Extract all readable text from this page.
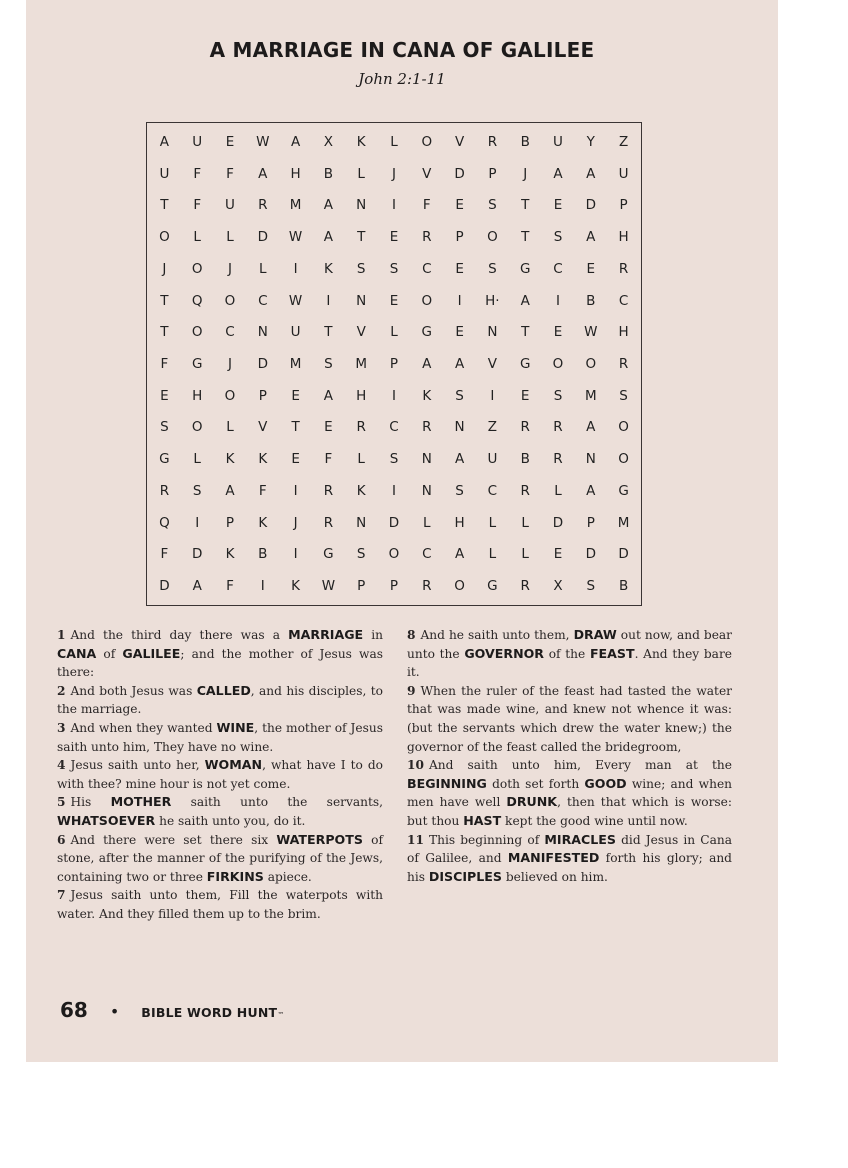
A MARRIAGE IN CANA OF GALILEE
John 2:1-11
A	U	E	W	A	X	K	L	O	V	R	B	U	Y	Z
U	F	F	A	H	B	L	J	V	D	P	J	A	A	U
T	F	U	R	M	A	N	I	F	E	S	T	E	D	P
O	L	L	D	W	A	T	E	R	P	O	T	S	A	H
J	O	J	L	I	K	S	S	C	E	S	G	C	E	R
T	Q	O	C	W	I	N	E	O	I	H·	A	I	B	C
T	O	C	N	U	T	V	L	G	E	N	T	E	W	H
F	G	J	D	M	S	M	P	A	A	V	G	O	O	R
E	H	O	P	E	A	H	I	K	S	I	E	S	M	S
S	O	L	V	T	E	R	C	R	N	Z	R	R	A	O
G	L	K	K	E	F	L	S	N	A	U	B	R	N	O
R	S	A	F	I	R	K	I	N	S	C	R	L	A	G
Q	I	P	K	J	R	N	D	L	H	L	L	D	P	M
F	D	K	B	I	G	S	O	C	A	L	L	E	D	D
D	A	F	I	K	W	P	P	R	O	G	R	X	S	B

1 And the third day there was a MARRIAGE in CANA of GALILEE; and the mother of Jesus was there:

2 And both Jesus was CALLED, and his disciples, to the marriage.

3 And when they wanted WINE, the mother of Jesus saith unto him, They have no wine.

4 Jesus saith unto her, WOMAN, what have I to do with thee? mine hour is not yet come.

5 His MOTHER saith unto the servants, WHATSOEVER he saith unto you, do it.

6 And there were set there six WATERPOTS of stone, after the manner of the purifying of the Jews, containing two or three FIRKINS apiece.

7 Jesus saith unto them, Fill the waterpots with water. And they filled them up to the brim.

8 And he saith unto them, DRAW out now, and bear unto the GOVERNOR of the FEAST. And they bare it.

9 When the ruler of the feast had tasted the water that was made wine, and knew not whence it was: (but the servants which drew the water knew;) the governor of the feast called the bridegroom,

10 And saith unto him, Every man at the BEGINNING doth set forth GOOD wine; and when men have well DRUNK, then that which is worse: but thou HAST kept the good wine until now.

11 This beginning of MIRACLES did Jesus in Cana of Galilee, and MANIFESTED forth his glory; and his DISCIPLES believed on him.

68 • BIBLE WORD HUNT ™
